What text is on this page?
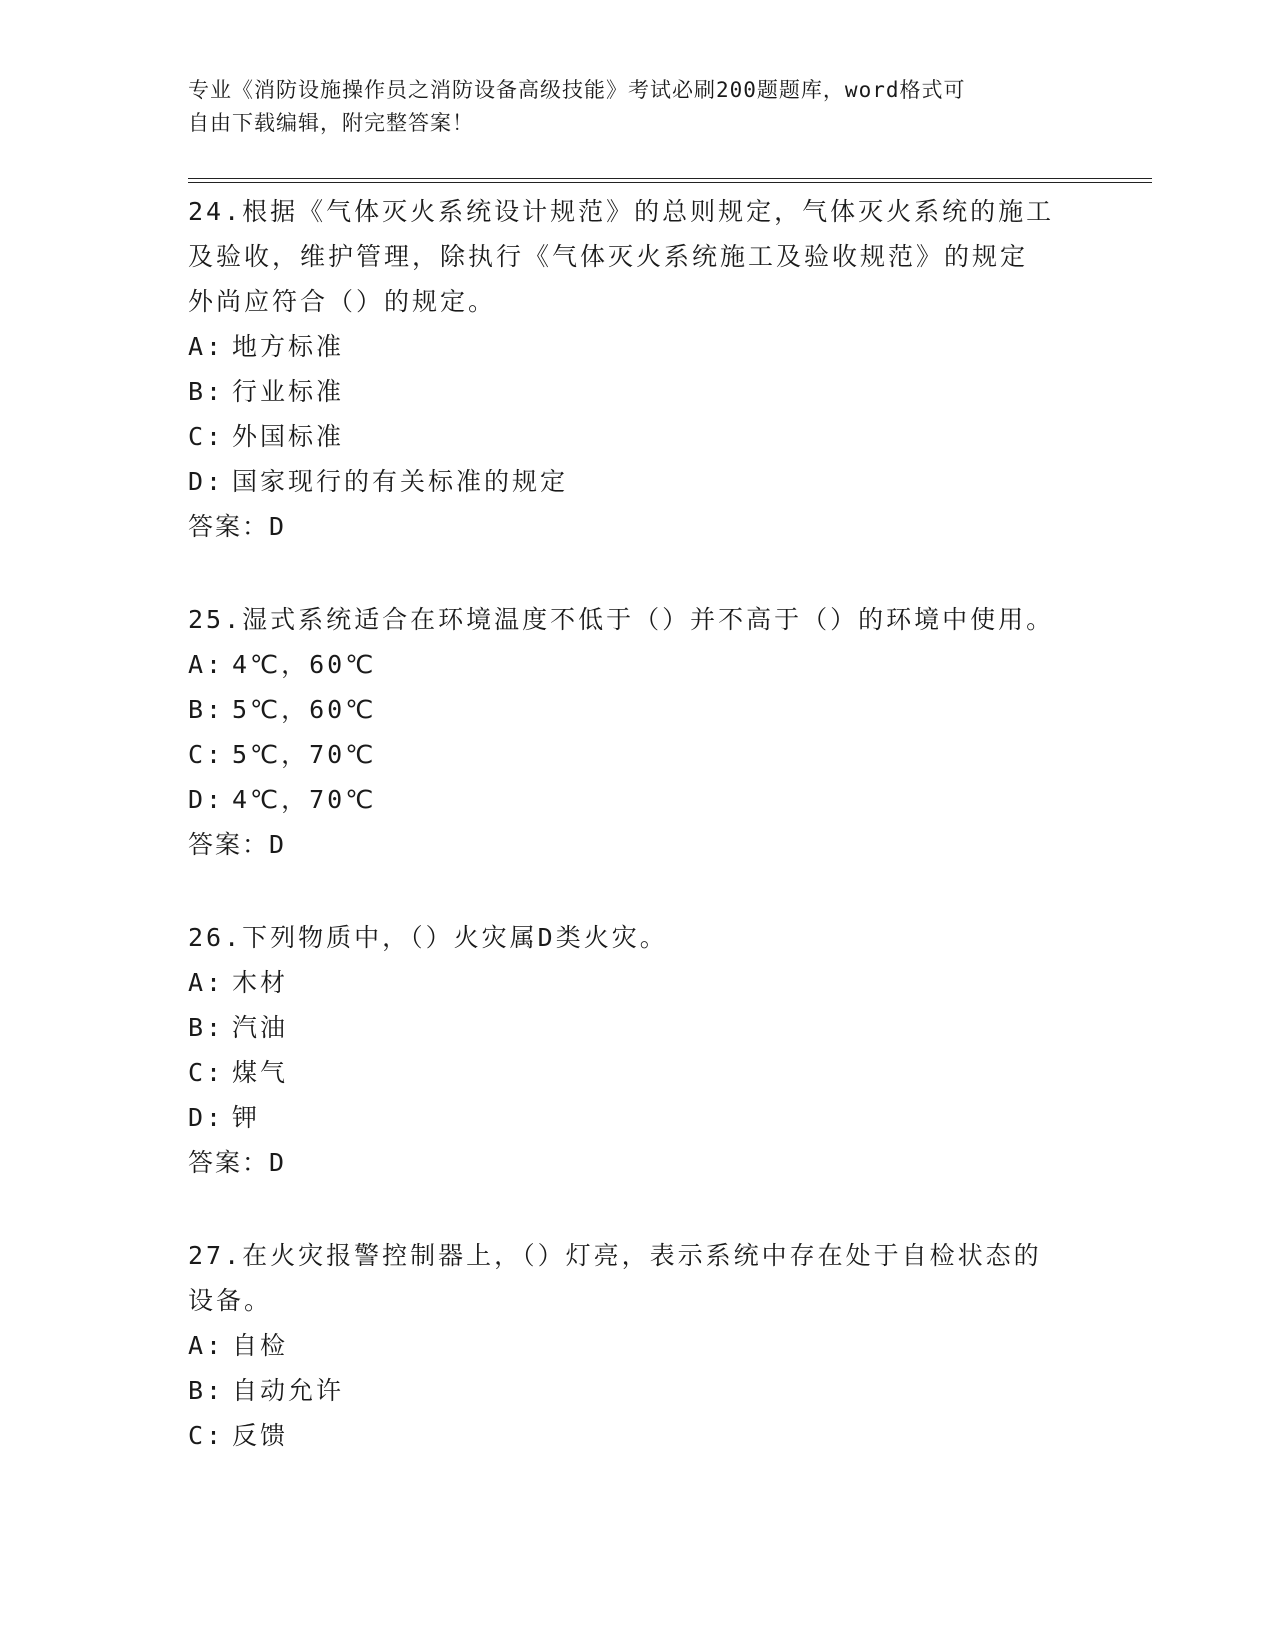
专业《消防设施操作员之消防设备高级技能》考试必刷200题题库，word格式可
自由下载编辑，附完整答案！

24.根据《气体灭火系统设计规范》的总则规定，气体灭火系统的施工

及验收，维护管理，除执行《气体灭火系统施工及验收规范》的规定

外尚应符合（）的规定。

A: 地方标准

B: 行业标准

C: 外国标准

D: 国家现行的有关标准的规定

答案：D

25.湿式系统适合在环境温度不低于（）并不高于（）的环境中使用。

A: 4℃，60℃

B: 5℃，60℃

C: 5℃，70℃

D: 4℃，70℃

答案：D

26.下列物质中，（）火灾属D类火灾。

A: 木材

B: 汽油

C: 煤气

D: 钾

答案：D

27.在火灾报警控制器上，（）灯亮，表示系统中存在处于自检状态的

设备。

A: 自检

B: 自动允许

C: 反馈
